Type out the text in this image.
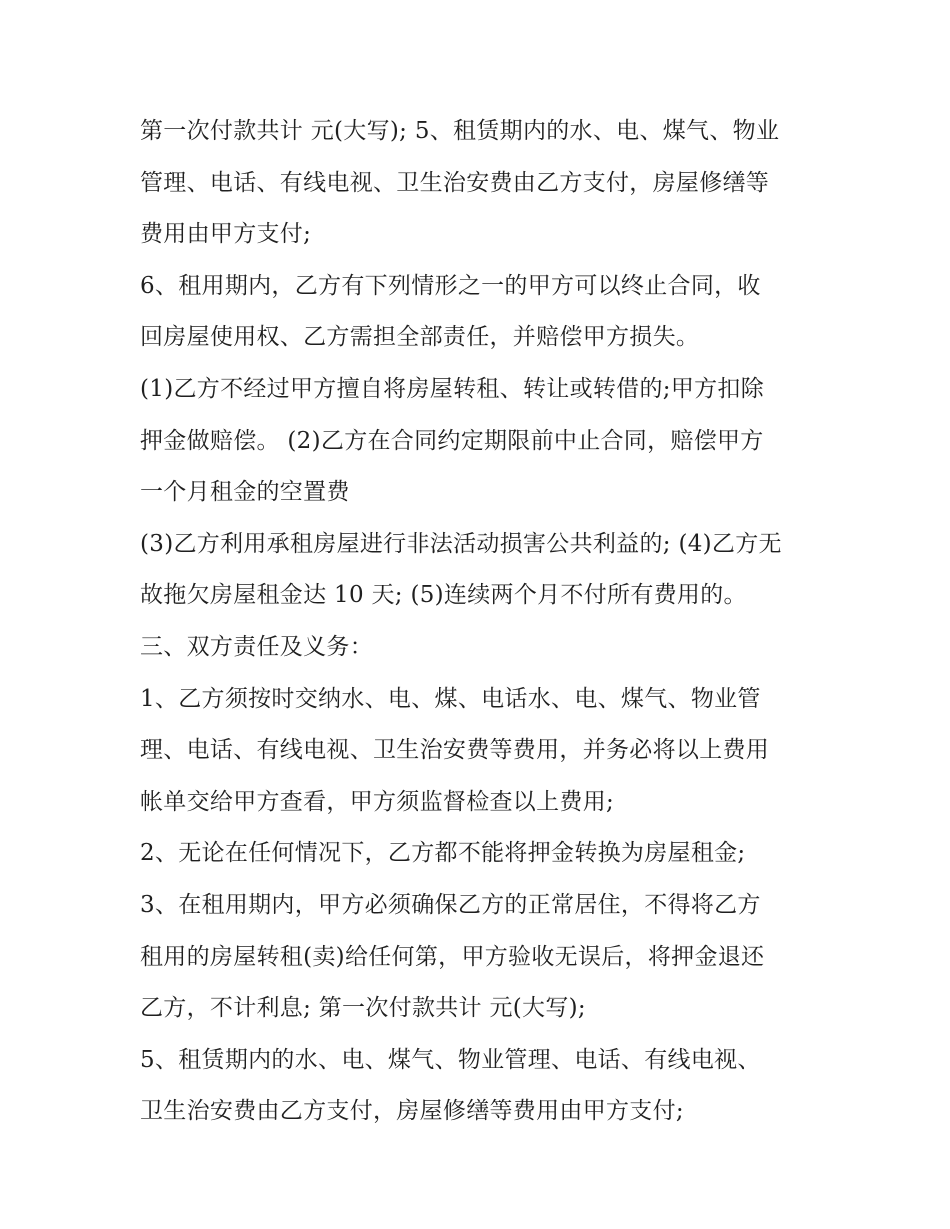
第一次付款共计 元(大写); 5、租赁期内的水、电、煤气、物业
管理、电话、有线电视、卫生治安费由乙方支付，房屋修缮等
费用由甲方支付;
6、租用期内，乙方有下列情形之一的甲方可以终止合同，收
回房屋使用权、乙方需担全部责任，并赔偿甲方损失。
(1)乙方不经过甲方擅自将房屋转租、转让或转借的;甲方扣除
押金做赔偿。 (2)乙方在合同约定期限前中止合同，赔偿甲方
一个月租金的空置费
(3)乙方利用承租房屋进行非法活动损害公共利益的; (4)乙方无
故拖欠房屋租金达 10 天; (5)连续两个月不付所有费用的。
三、双方责任及义务：
1、乙方须按时交纳水、电、煤、电话水、电、煤气、物业管
理、电话、有线电视、卫生治安费等费用，并务必将以上费用
帐单交给甲方查看，甲方须监督检查以上费用;
2、无论在任何情况下，乙方都不能将押金转换为房屋租金;
3、在租用期内，甲方必须确保乙方的正常居住，不得将乙方
租用的房屋转租(卖)给任何第，甲方验收无误后，将押金退还
乙方，不计利息; 第一次付款共计 元(大写);
5、租赁期内的水、电、煤气、物业管理、电话、有线电视、
卫生治安费由乙方支付，房屋修缮等费用由甲方支付;
